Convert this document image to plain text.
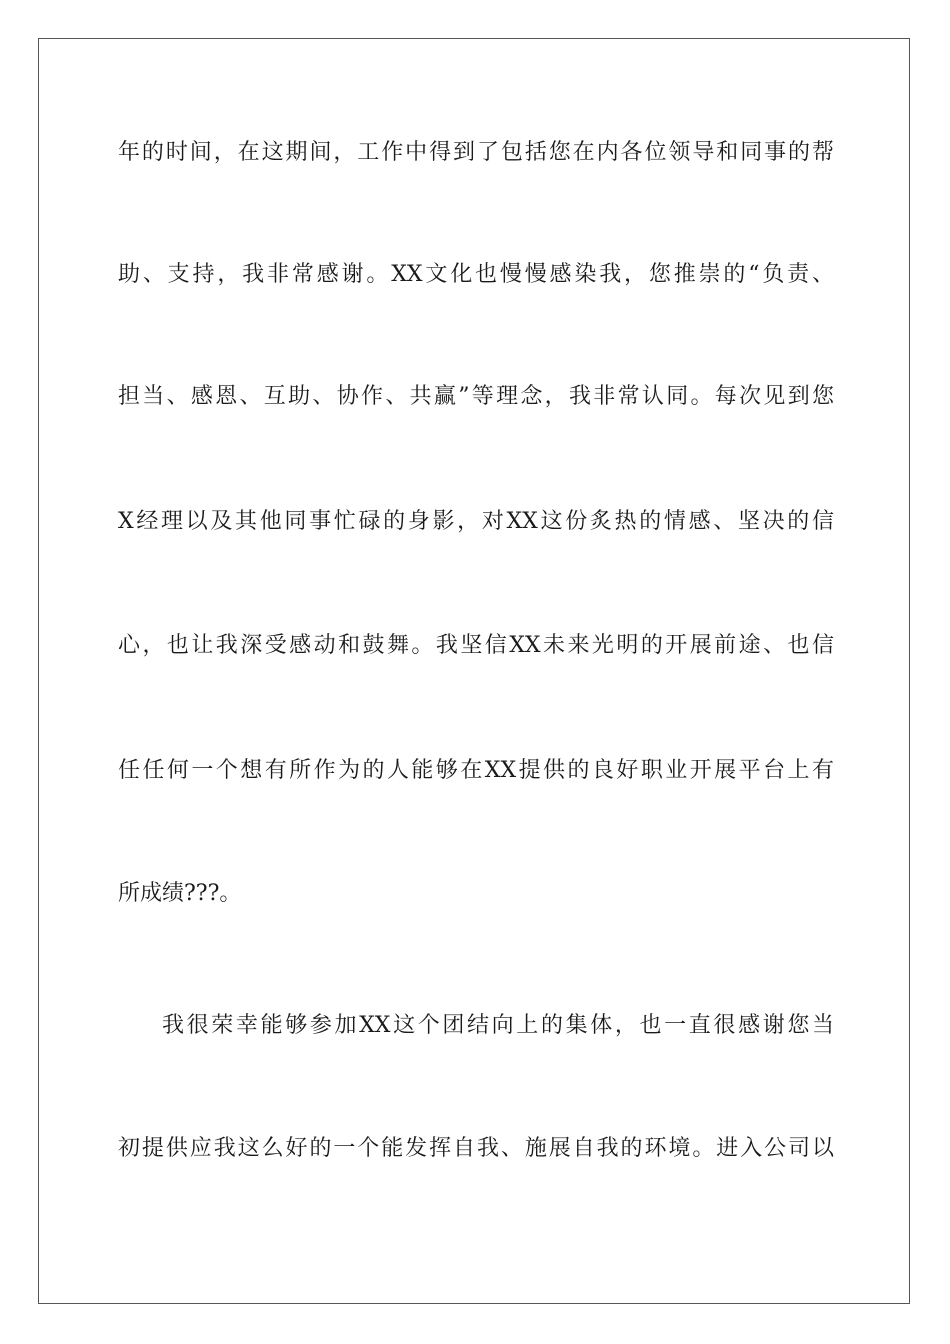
年的时间，在这期间，工作中得到了包括您在内各位领导和同事的帮
助、支持，我非常感谢。XX文化也慢慢感染我，您推崇的“负责、
担当、感恩、互助、协作、共赢”等理念，我非常认同。每次见到您
X经理以及其他同事忙碌的身影，对XX这份炙热的情感、坚决的信
心，也让我深受感动和鼓舞。我坚信XX未来光明的开展前途、也信
任任何一个想有所作为的人能够在XX提供的良好职业开展平台上有
所成绩???。
我很荣幸能够参加XX这个团结向上的集体，也一直很感谢您当
初提供应我这么好的一个能发挥自我、施展自我的环境。进入公司以
